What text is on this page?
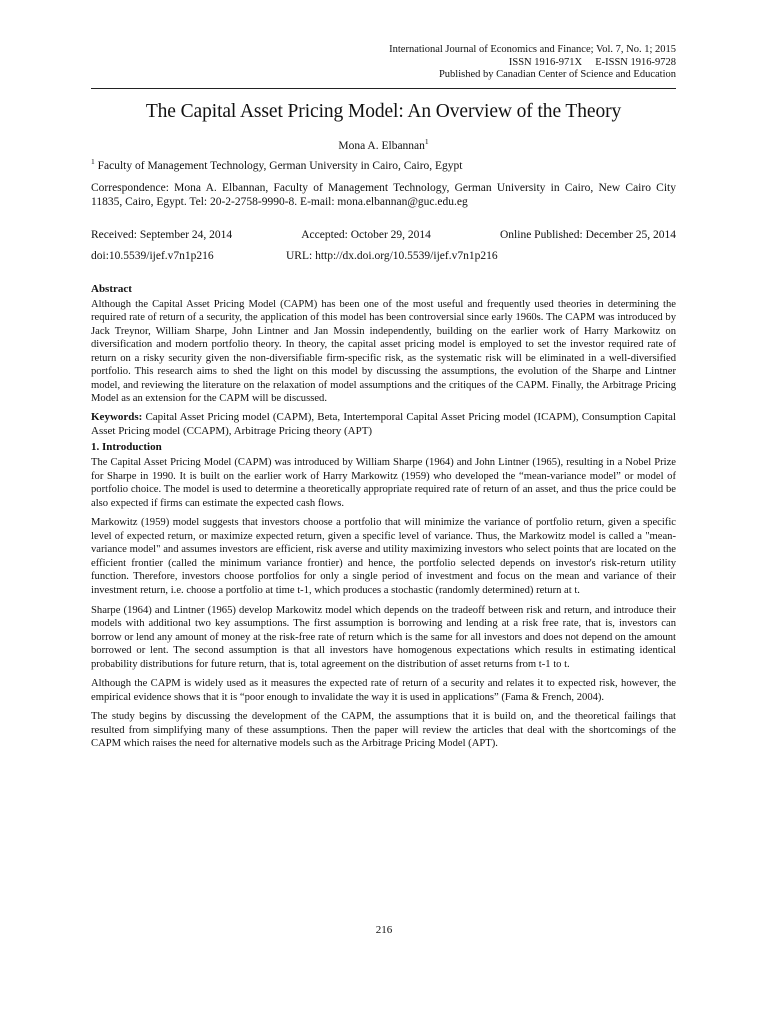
International Journal of Economics and Finance; Vol. 7, No. 1; 2015
ISSN 1916-971X     E-ISSN 1916-9728
Published by Canadian Center of Science and Education
The Capital Asset Pricing Model: An Overview of the Theory
Mona A. Elbannan$^1$
$^1$ Faculty of Management Technology, German University in Cairo, Cairo, Egypt
Correspondence: Mona A. Elbannan, Faculty of Management Technology, German University in Cairo, New Cairo City 11835, Cairo, Egypt. Tel: 20-2-2758-9990-8. E-mail: mona.elbannan@guc.edu.eg
Received: September 24, 2014	Accepted: October 29, 2014	Online Published: December 25, 2014
doi:10.5539/ijef.v7n1p216	URL: http://dx.doi.org/10.5539/ijef.v7n1p216
Abstract

Although the Capital Asset Pricing Model (CAPM) has been one of the most useful and frequently used theories in determining the required rate of return of a security, the application of this model has been controversial since early 1960s. The CAPM was introduced by Jack Treynor, William Sharpe, John Lintner and Jan Mossin independently, building on the earlier work of Harry Markowitz on diversification and modern portfolio theory. In theory, the capital asset pricing model is employed to set the investor required rate of return on a risky security given the non-diversifiable firm-specific risk, as the systematic risk will be eliminated in a well-diversified portfolio. This research aims to shed the light on this model by discussing the assumptions, the evolution of the Sharpe and Lintner model, and reviewing the literature on the relaxation of model assumptions and the critiques of the CAPM. Finally, the Arbitrage Pricing Model as an extension for the CAPM will be discussed.

Keywords: Capital Asset Pricing model (CAPM), Beta, Intertemporal Capital Asset Pricing model (ICAPM), Consumption Capital Asset Pricing model (CCAPM), Arbitrage Pricing theory (APT)
1. Introduction

The Capital Asset Pricing Model (CAPM) was introduced by William Sharpe (1964) and John Lintner (1965), resulting in a Nobel Prize for Sharpe in 1990. It is built on the earlier work of Harry Markowitz (1959) who developed the “mean-variance model” or model of portfolio choice. The model is used to determine a theoretically appropriate required rate of return of an asset, and thus the price could be also expected if firms can estimate the expected cash flows.

Markowitz (1959) model suggests that investors choose a portfolio that will minimize the variance of portfolio return, given a specific level of expected return, or maximize expected return, given a specific level of variance. Thus, the Markowitz model is called a "mean-variance model" and assumes investors are efficient, risk averse and utility maximizing investors who select points that are located on the efficient frontier (called the minimum variance frontier) and hence, the portfolio selected depends on investor's risk-return utility function. Therefore, investors choose portfolios for only a single period of investment and focus on the mean and variance of their investment return, i.e. choose a portfolio at time t-1, which produces a stochastic (randomly determined) return at t.

Sharpe (1964) and Lintner (1965) develop Markowitz model which depends on the tradeoff between risk and return, and introduce their models with additional two key assumptions. The first assumption is borrowing and lending at a risk free rate, that is, investors can borrow or lend any amount of money at the risk-free rate of return which is the same for all investors and does not depend on the amount borrowed or lent. The second assumption is that all investors have homogenous expectations which results in estimating identical probability distributions for future return, that is, total agreement on the distribution of asset returns from t-1 to t.

Although the CAPM is widely used as it measures the expected rate of return of a security and relates it to expected risk, however, the empirical evidence shows that it is “poor enough to invalidate the way it is used in applications” (Fama & French, 2004).

The study begins by discussing the development of the CAPM, the assumptions that it is build on, and the theoretical failings that resulted from simplifying many of these assumptions. Then the paper will review the articles that deal with the shortcomings of the CAPM which raises the need for alternative models such as the Arbitrage Pricing Model (APT).

216
